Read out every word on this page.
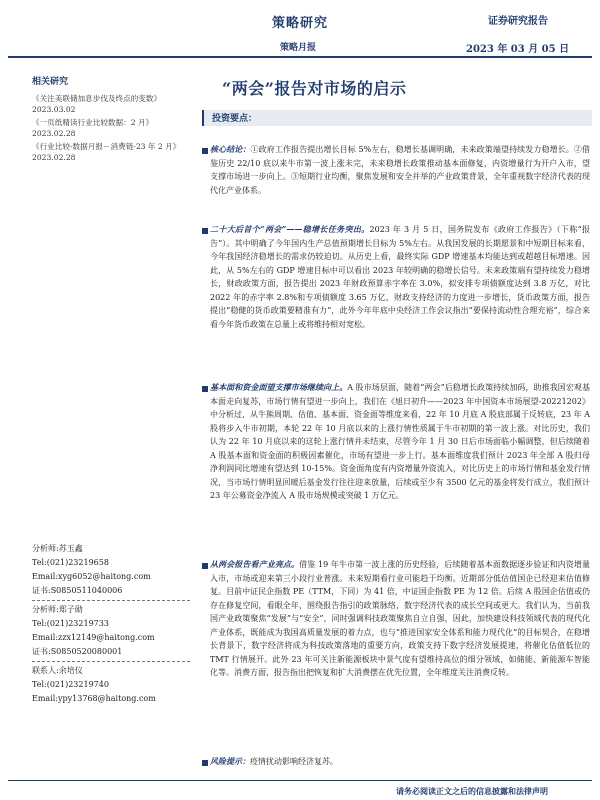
策略研究
策略月报
证券研究报告
2023 年 03 月 05 日
相关研究
《关注美联储加息步伐及终点的变数》
2023.03.02
《一页纸精读行业比较数据：2 月》
2023.02.28
《行业比较-数据月报－消费链-23 年 2 月》
2023.02.28
分析师:苏玉鑫
Tel:(021)23219658
Email:xyg6052@haitong.com
证书:S0850511040006
分析师:郑子勋
Tel:(021)23219733
Email:zzx12149@haitong.com
证书:S0850520080001
联系人:余培仪
Tel:(021)23219740
Email:ypy13768@haitong.com
“两会”报告对市场的启示
投资要点：
核心结论：①政府工作报告提出增长目标 5%左右，稳增长基调明确，未来政策端望持续发力稳增长。②借鉴历史 22/10 底以来牛市第一波上涨未完，未来稳增长政策推动基本面修复，内资增量行为开户入市，望支撑市场进一步向上。③短期行业均衡，聚焦发展和安全并举的产业政策背景，全年重视数字经济代表的现代化产业体系。
二十大后首个“两会”——稳增长任务突出。2023 年 3 月 5 日，国务院发布《政府工作报告》（下称“报告”）。其中明确了今年国内生产总值预期增长目标为 5%左右。从我国发展的长期愿景和中短期目标来看，今年我国经济稳增长的需求仍较迫切。从历史上看，最终实际 GDP 增速基本均能达到或超越目标增速。因此，从 5%左右的 GDP 增速目标中可以看出 2023 年较明确的稳增长信号。未来政策端有望持续发力稳增长，财政政策方面，报告提出 2023 年财政预算赤字率在 3.0%，拟安排专项债额度达到 3.8 万亿，对比 2022 年的赤字率 2.8%和专项债额度 3.65 万亿，财政支持经济的力度进一步增长，货币政策方面，报告提出“稳健的货币政策要精准有力”，此外今年年底中央经济工作会议指出“要保持流动性合理充裕”，综合来看今年货币政策在总量上或将维持相对宽松。
基本面和资金面望支撑市场继续向上。A 股市场层面，随着“两会”后稳增长政策持续加码，助推我国宏观基本面走向复苏，市场行情有望进一步向上，我们在《旭日初升——2023 年中国资本市场展望-20221202》中分析过，从牛熊周期、估值、基本面、资金面等维度来看，22 年 10 月底 A 股底部属于反转底，23 年 A 股将步入牛市初期，本轮 22 年 10 月底以来的上涨行情性质属于牛市初期的第一波上涨。对比历史，我们认为 22 年 10 月底以来的这轮上涨行情并未结束，尽管今年 1 月 30 日后市场面临小幅调整，但后续随着 A 股基本面和资金面的积极因素催化，市场有望进一步上行。基本面维度我们预计 2023 年全部 A 股归母净利润同比增速有望达到 10-15%。资金面角度有内资增量外资流入，对比历史上的市场行情和基金发行情况，当市场行情明显回暖后基金发行往往迎来放量，后续或至少有 3500 亿元的基金将发行成立，我们预计 23 年公募资金净流入 A 股市场规模或突破 1 万亿元。
从两会报告看产业亮点。借鉴 19 年牛市第一波上涨的历史经验，后续随着基本面数据逐步验证和内资增量入市，市场或迎来第三小段行业普涨。未来短期看行业可能趋于均衡。近期部分低估值国企已经迎来估值修复。目前中证民企指数 PE（TTM，下同）为 41 倍，中证国企指数 PE 为 12 倍。后续 A 股国企估值或仍存在修复空间，看眼全年，围绕报告指引的政策脉络，数字经济代表的成长空间或更大。我们认为，当前我国产业政策聚焦“发展”与“安全”，同时强调科技政策聚焦自立自强，因此，加快建设科技领域代表的现代化产业体系，既能成为我国高质量发展的着力点，也与“推进国家安全体系和能力现代化”的目标契合，在稳增长背景下，数字经济将成为科技政策落地的重要方向，政策支持下数字经济发展提速，将催化估值低位的 TMT 行情展开。此外 23 年可关注新能源板块中景气度有望维持高位的细分领域，如储能、新能源车智能化等。消费方面，报告指出把恢复和扩大消费摆在优先位置，全年维度关注消费反转。
风险提示：疫情扰动影响经济复苏。
请务必阅读正文之后的信息披露和法律声明
